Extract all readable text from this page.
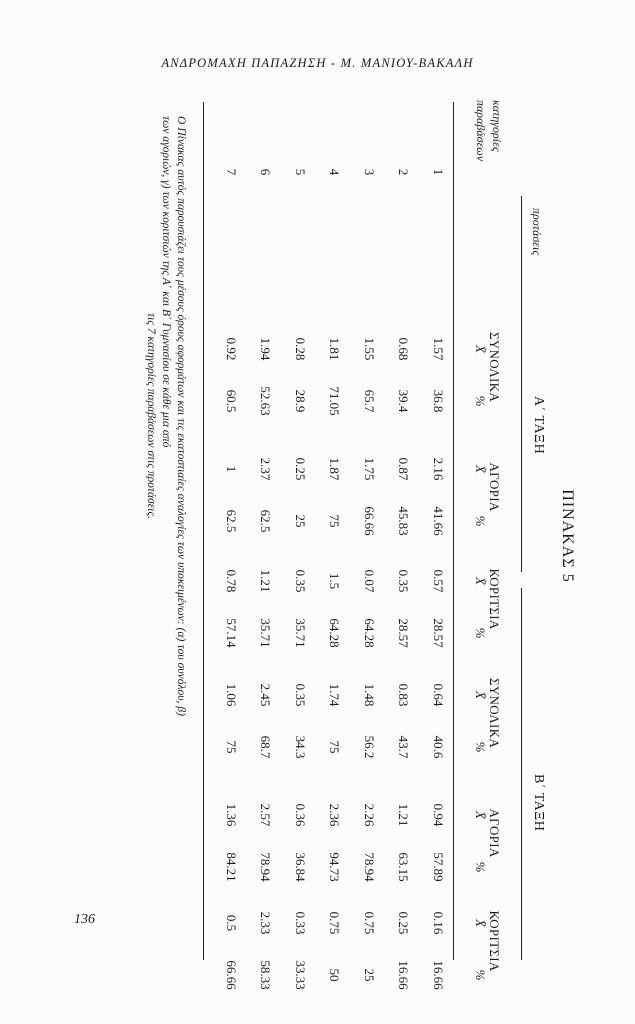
ΑΝΔΡΟΜΑΧΗ ΠΑΠΑΖΗΣΗ - Μ. ΜΑΝΙΟΥ-ΒΑΚΑΛΗ
ΠΙΝΑΚΑΣ 5
Α΄ ΤΑΞΗ
Β΄ ΤΑΞΗ
κατηγορίες
παραβάσεων
προτάσεις
ΣΥΝΟΛΙΚΑ
X̄
%
ΑΓΟΡΙΑ
X̄
%
ΚΟΡΙΤΣΙΑ
X̄
%
ΣΥΝΟΛΙΚΑ
X̄
%
ΑΓΟΡΙΑ
X̄
%
ΚΟΡΙΤΣΙΑ
X̄
%
1
1.57
36.8
2.16
41.66
0.57
28.57
0.64
40.6
0.94
57.89
0.16
16.66
2
0.68
39.4
0.87
45.83
0.35
28.57
0.83
43.7
1.21
63.15
0.25
16.66
3
1.55
65.7
1.75
66.66
0.07
64.28
1.48
56.2
2.26
78.94
0.75
25
4
1.81
71.05
1.87
75
1.5
64.28
1.74
75
2.36
94.73
0.75
50
5
0.28
28.9
0.25
25
0.35
35.71
0.35
34.3
0.36
36.84
0.33
33.33
6
1.94
52.63
2.37
62.5
1.21
35.71
2.45
68.7
2.57
78.94
2.33
58.33
7
0.92
60.5
1
62.5
0.78
57.14
1.06
75
1.36
84.21
0.5
66.66
Ο Πίνακας αυτός παρουσιάζει τους μέσους όρους αφορμάτων και τις εκατοστιαίες αναλογίες των υποκειμένων: (α) του συνόλου, β) των αγοριών, γ) των κοριτσιών της Α΄ και Β΄ Γυμνασίου σε κάθε μια από
τις 7 κατηγορίες παραβάσεων στις προτάσεις.
136
